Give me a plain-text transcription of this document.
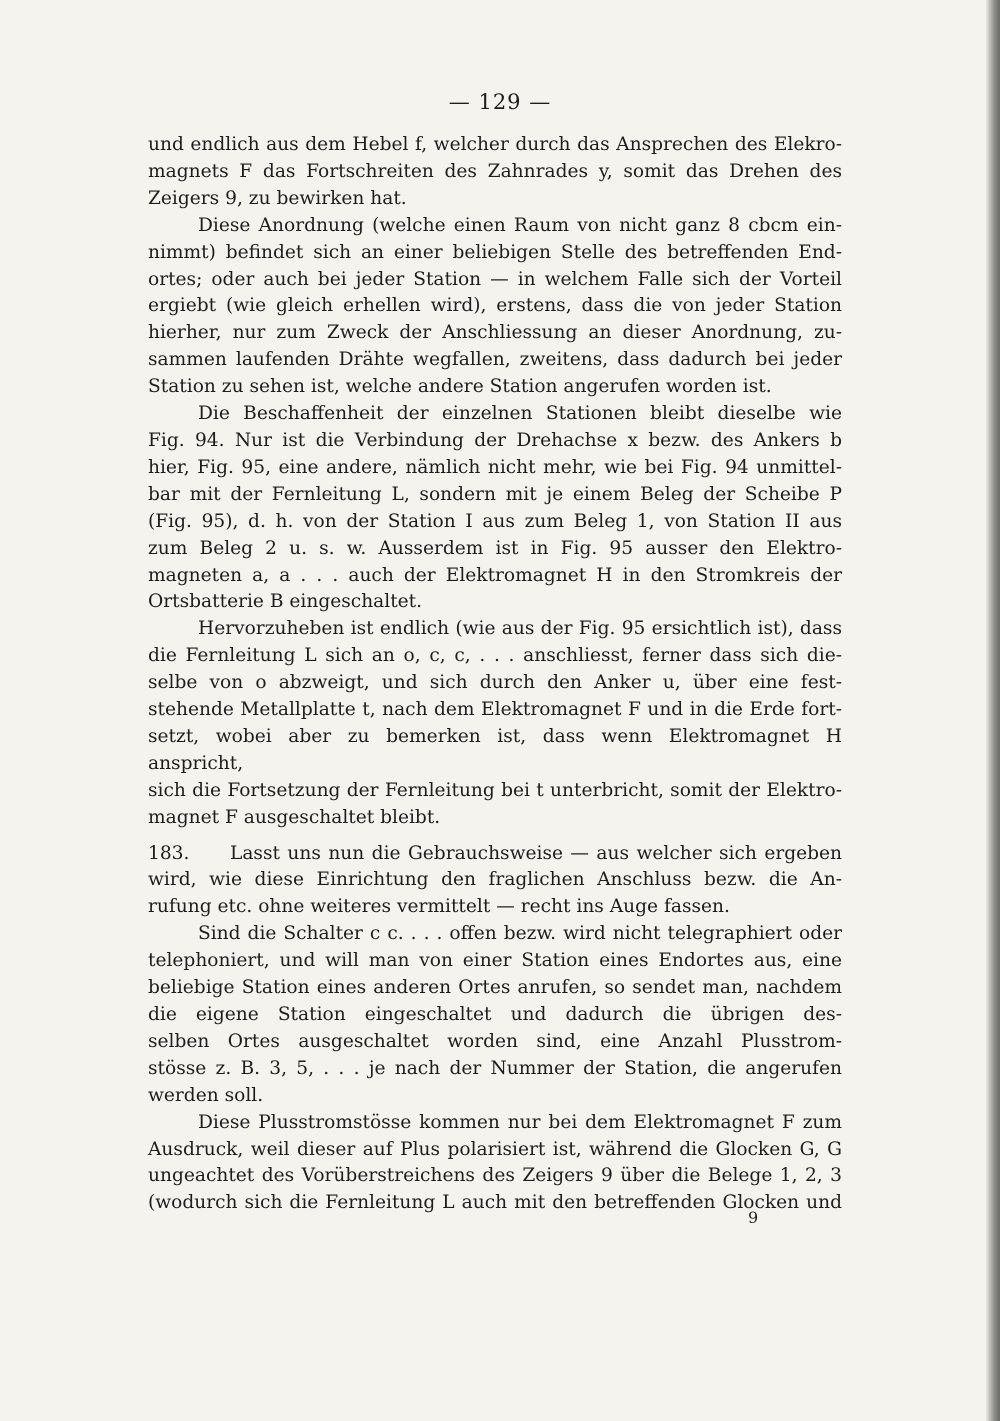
— 129 —

und endlich aus dem Hebel f, welcher durch das Ansprechen des Elekro-
magnets F das Fortschreiten des Zahnrades y, somit das Drehen des
Zeigers 9, zu bewirken hat.

Diese Anordnung (welche einen Raum von nicht ganz 8 cbcm ein-
nimmt) befindet sich an einer beliebigen Stelle des betreffenden End-
ortes; oder auch bei jeder Station — in welchem Falle sich der Vorteil
ergiebt (wie gleich erhellen wird), erstens, dass die von jeder Station
hierher, nur zum Zweck der Anschliessung an dieser Anordnung, zu-
sammen laufenden Drähte wegfallen, zweitens, dass dadurch bei jeder
Station zu sehen ist, welche andere Station angerufen worden ist.

Die Beschaffenheit der einzelnen Stationen bleibt dieselbe wie
Fig. 94. Nur ist die Verbindung der Drehachse x bezw. des Ankers b
hier, Fig. 95, eine andere, nämlich nicht mehr, wie bei Fig. 94 unmittel-
bar mit der Fernleitung L, sondern mit je einem Beleg der Scheibe P
(Fig. 95), d. h. von der Station I aus zum Beleg 1, von Station II aus
zum Beleg 2 u. s. w. Ausserdem ist in Fig. 95 ausser den Elektro-
magneten a, a . . . auch der Elektromagnet H in den Stromkreis der
Ortsbatterie B eingeschaltet.

Hervorzuheben ist endlich (wie aus der Fig. 95 ersichtlich ist), dass
die Fernleitung L sich an o, c, c, . . . anschliesst, ferner dass sich die-
selbe von o abzweigt, und sich durch den Anker u, über eine fest-
stehende Metallplatte t, nach dem Elektromagnet F und in die Erde fort-
setzt, wobei aber zu bemerken ist, dass wenn Elektromagnet H anspricht,
sich die Fortsetzung der Fernleitung bei t unterbricht, somit der Elektro-
magnet F ausgeschaltet bleibt.

183.	Lasst uns nun die Gebrauchsweise — aus welcher sich ergeben
wird, wie diese Einrichtung den fraglichen Anschluss bezw. die An-
rufung etc. ohne weiteres vermittelt — recht ins Auge fassen.

Sind die Schalter c c. . . . offen bezw. wird nicht telegraphiert oder
telephoniert, und will man von einer Station eines Endortes aus, eine
beliebige Station eines anderen Ortes anrufen, so sendet man, nachdem
die eigene Station eingeschaltet und dadurch die übrigen des-
selben Ortes ausgeschaltet worden sind, eine Anzahl Plusstrom-
stösse z. B. 3, 5, . . . je nach der Nummer der Station, die angerufen
werden soll.

Diese Plusstromstösse kommen nur bei dem Elektromagnet F zum
Ausdruck, weil dieser auf Plus polarisiert ist, während die Glocken G, G
ungeachtet des Vorüberstreichens des Zeigers 9 über die Belege 1, 2, 3
(wodurch sich die Fernleitung L auch mit den betreffenden Glocken und

9
